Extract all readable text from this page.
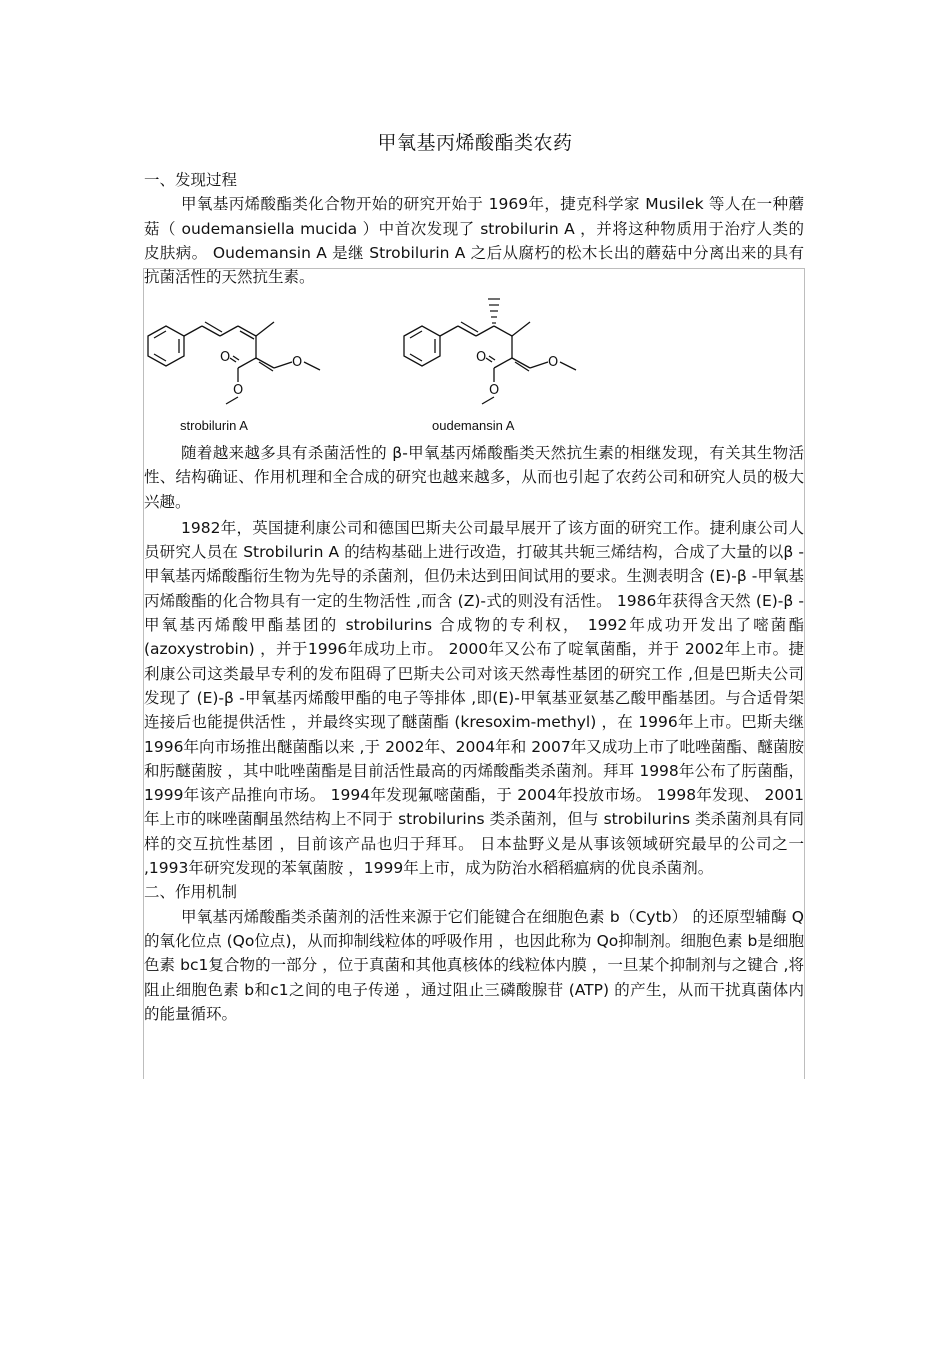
甲氧基丙烯酸酯类农药

一、发现过程

甲氧基丙烯酸酯类化合物开始的研究开始于 1969年，捷克科学家 Musilek 等人在一种蘑菇（ oudemansiella mucida ）中首次发现了 strobilurin A ，并将这种物质用于治疗人类的皮肤病。 Oudemansin A 是继 Strobilurin A 之后从腐朽的松木长出的蘑菇中分离出来的具有抗菌活性的天然抗生素。

O
O
O
strobilurin A
O
O
O
oudemansin A

随着越来越多具有杀菌活性的 β-甲氧基丙烯酸酯类天然抗生素的相继发现，有关其生物活性、结构确证、作用机理和全合成的研究也越来越多，从而也引起了农药公司和研究人员的极大兴趣。

1982年，英国捷利康公司和德国巴斯夫公司最早展开了该方面的研究工作。捷利康公司人员研究人员在 Strobilurin A 的结构基础上进行改造，打破其共轭三烯结构，合成了大量的以β -甲氧基丙烯酸酯衍生物为先导的杀菌剂，但仍未达到田间试用的要求。生测表明含 (E)-β -甲氧基丙烯酸酯的化合物具有一定的生物活性 ,而含 (Z)-式的则没有活性。 1986年获得含天然 (E)-β -甲氧基丙烯酸甲酯基团的 strobilurins 合成物的专利权， 1992年成功开发出了嘧菌酯 (azoxystrobin) ，并于1996年成功上市。 2000年又公布了啶氧菌酯，并于 2002年上市。捷利康公司这类最早专利的发布阻碍了巴斯夫公司对该天然毒性基团的研究工作 ,但是巴斯夫公司发现了 (E)-β -甲氧基丙烯酸甲酯的电子等排体 ,即(E)-甲氧基亚氨基乙酸甲酯基团。与合适骨架连接后也能提供活性 ，并最终实现了醚菌酯 (kresoxim-methyl) ，在 1996年上市。巴斯夫继 1996年向市场推出醚菌酯以来 ,于 2002年、2004年和 2007年又成功上市了吡唑菌酯、醚菌胺和肟醚菌胺 ，其中吡唑菌酯是目前活性最高的丙烯酸酯类杀菌剂。拜耳 1998年公布了肟菌酯， 1999年该产品推向市场。 1994年发现氟嘧菌酯，于 2004年投放市场。 1998年发现、 2001年上市的咪唑菌酮虽然结构上不同于 strobilurins 类杀菌剂，但与 strobilurins 类杀菌剂具有同样的交互抗性基团 ，目前该产品也归于拜耳。 日本盐野义是从事该领域研究最早的公司之一 ,1993年研究发现的苯氧菌胺 ，1999年上市，成为防治水稻稻瘟病的优良杀菌剂。

二、作用机制

甲氧基丙烯酸酯类杀菌剂的活性来源于它们能键合在细胞色素 b（Cytb） 的还原型辅酶 Q的氧化位点 (Qo位点)，从而抑制线粒体的呼吸作用 ，也因此称为 Qo抑制剂。细胞色素 b是细胞色素 bc1复合物的一部分 ，位于真菌和其他真核体的线粒体内膜 ，一旦某个抑制剂与之键合 ,将阻止细胞色素 b和c1之间的电子传递 ，通过阻止三磷酸腺苷 (ATP) 的产生，从而干扰真菌体内的能量循环。
